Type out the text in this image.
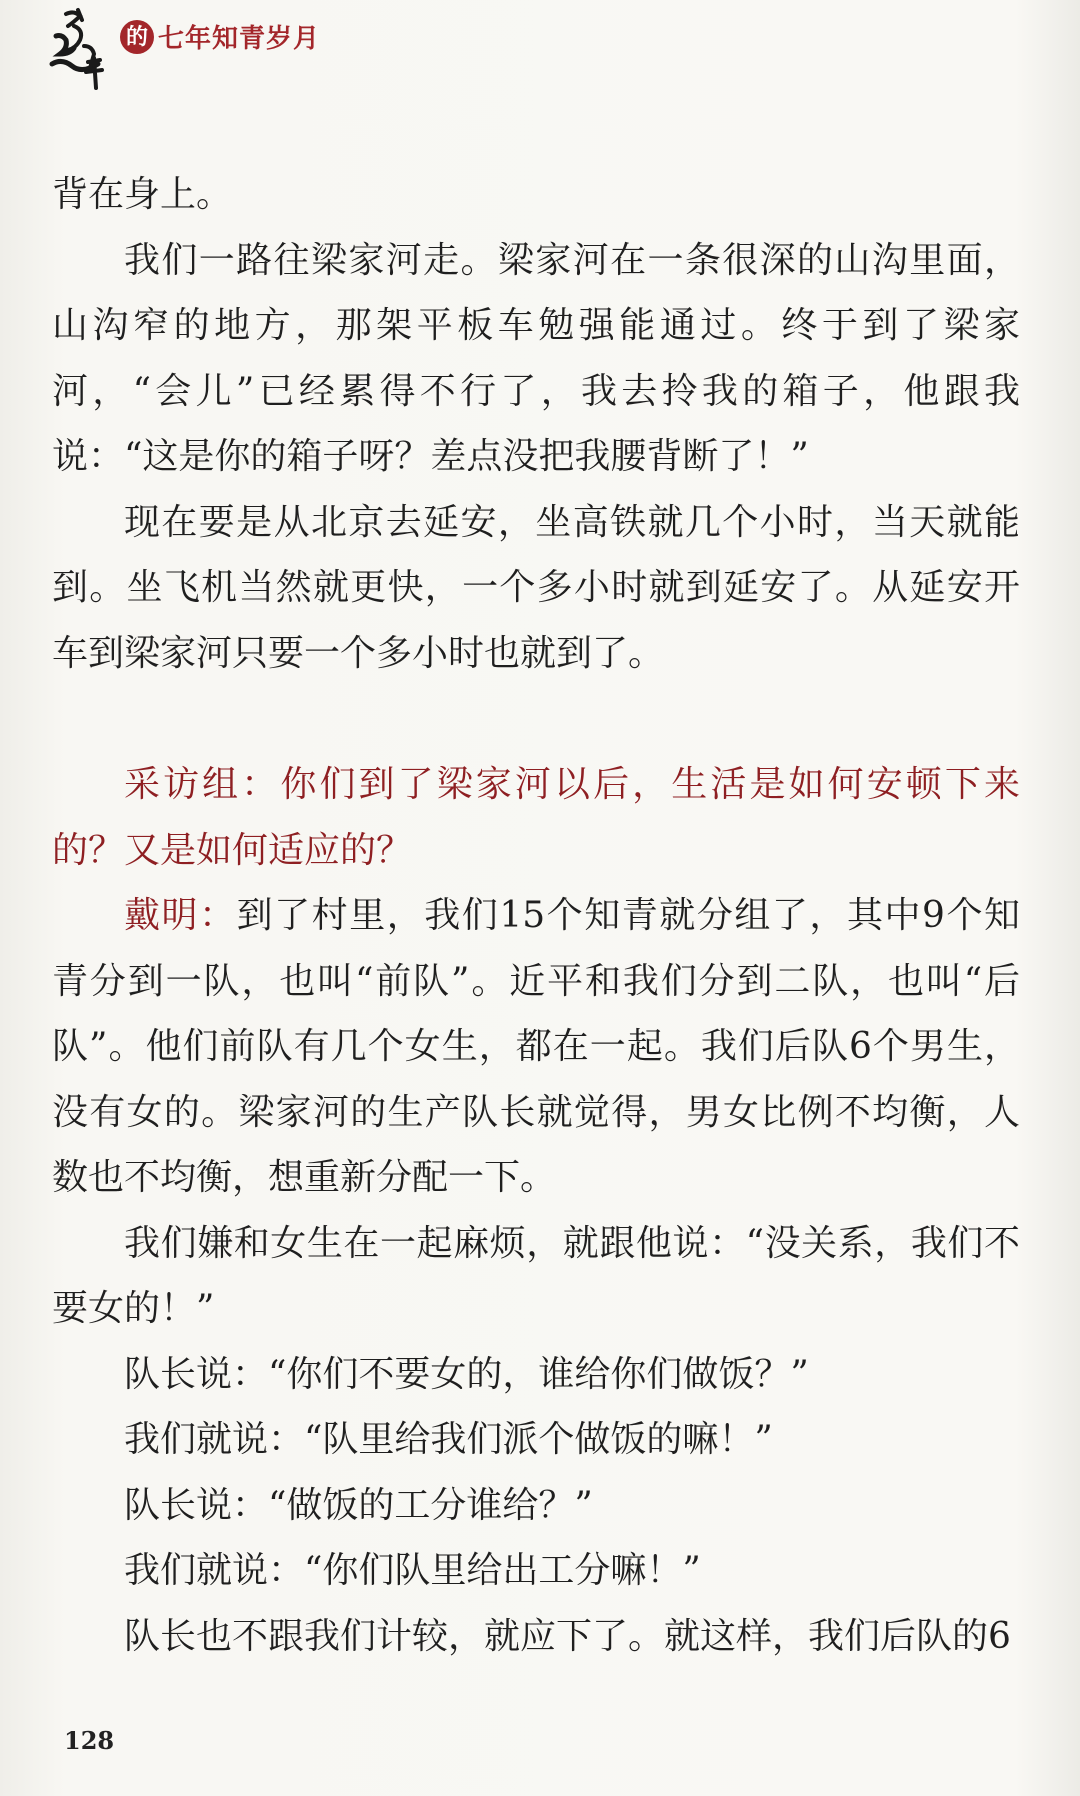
的 七年知青岁月

背在身上。

我们一路往梁家河走。梁家河在一条很深的山沟里面，山沟窄的地方，那架平板车勉强能通过。终于到了梁家河，“会儿”已经累得不行了，我去拎我的箱子，他跟我说：“这是你的箱子呀？差点没把我腰背断了！”

现在要是从北京去延安，坐高铁就几个小时，当天就能到。坐飞机当然就更快，一个多小时就到延安了。从延安开车到梁家河只要一个多小时也就到了。

采访组：你们到了梁家河以后，生活是如何安顿下来的？又是如何适应的？

戴明：到了村里，我们15个知青就分组了，其中9个知青分到一队，也叫“前队”。近平和我们分到二队，也叫“后队”。他们前队有几个女生，都在一起。我们后队6个男生，没有女的。梁家河的生产队长就觉得，男女比例不均衡，人数也不均衡，想重新分配一下。

我们嫌和女生在一起麻烦，就跟他说：“没关系，我们不要女的！”

队长说：“你们不要女的，谁给你们做饭？”

我们就说：“队里给我们派个做饭的嘛！”

队长说：“做饭的工分谁给？”

我们就说：“你们队里给出工分嘛！”

队长也不跟我们计较，就应下了。就这样，我们后队的6

128
